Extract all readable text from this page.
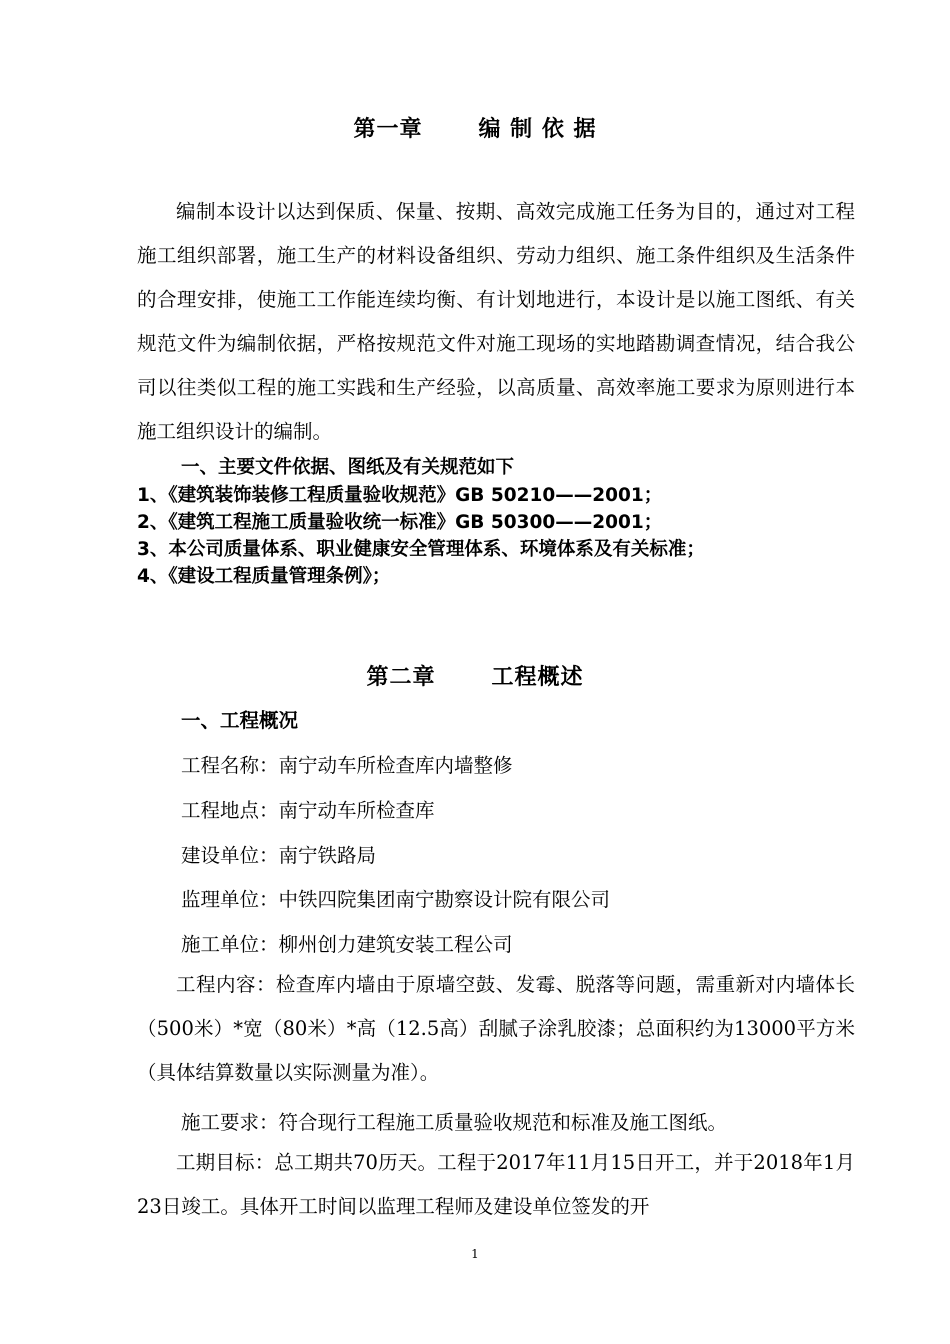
第一章	编 制 依 据

编制本设计以达到保质、保量、按期、高效完成施工任务为目的，通过对工程施工组织部署，施工生产的材料设备组织、劳动力组织、施工条件组织及生活条件的合理安排，使施工工作能连续均衡、有计划地进行，本设计是以施工图纸、有关规范文件为编制依据，严格按规范文件对施工现场的实地踏勘调查情况，结合我公司以往类似工程的施工实践和生产经验，以高质量、高效率施工要求为原则进行本施工组织设计的编制。

一、主要文件依据、图纸及有关规范如下
1、《建筑装饰装修工程质量验收规范》GB 50210——2001；
2、《建筑工程施工质量验收统一标准》GB 50300——2001；
3、本公司质量体系、职业健康安全管理体系、环境体系及有关标准；
4、《建设工程质量管理条例》；
第二章	工程概述
一、工程概况
工程名称：南宁动车所检查库内墙整修
工程地点：南宁动车所检查库
建设单位：南宁铁路局
监理单位：中铁四院集团南宁勘察设计院有限公司
施工单位：柳州创力建筑安装工程公司

工程内容：检查库内墙由于原墙空鼓、发霉、脱落等问题，需重新对内墙体长（500米）*宽（80米）*高（12.5高）刮腻子涂乳胶漆；总面积约为13000平方米（具体结算数量以实际测量为准）。

施工要求：符合现行工程施工质量验收规范和标准及施工图纸。

工期目标：总工期共70历天。工程于2017年11月15日开工，并于2018年1月23日竣工。具体开工时间以监理工程师及建设单位签发的开

1
